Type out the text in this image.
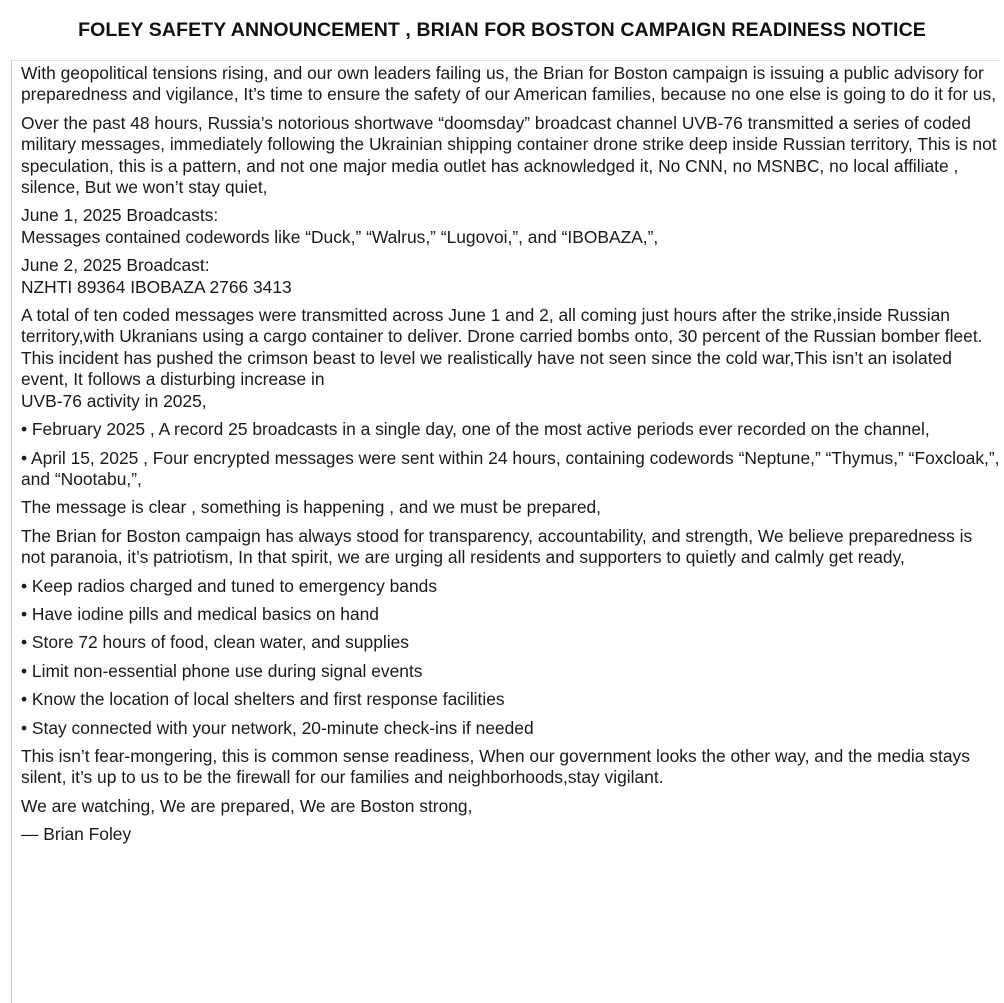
FOLEY SAFETY ANNOUNCEMENT , BRIAN FOR BOSTON CAMPAIGN READINESS NOTICE

With geopolitical tensions rising, and our own leaders failing us, the Brian for Boston campaign is issuing a public advisory for preparedness and vigilance, It’s time to ensure the safety of our American families, because no one else is going to do it for us,

Over the past 48 hours, Russia’s notorious shortwave “doomsday” broadcast channel UVB-76 transmitted a series of coded military messages, immediately following the Ukrainian shipping container drone strike deep inside Russian territory, This is not speculation, this is a pattern, and not one major media outlet has acknowledged it, No CNN, no MSNBC, no local affiliate , silence, But we won’t stay quiet,

June 1, 2025 Broadcasts:
Messages contained codewords like “Duck,” “Walrus,” “Lugovoi,”, and “IBOBAZA,”,

June 2, 2025 Broadcast:
NZHTI 89364 IBOBAZA 2766 3413

A total of ten coded messages were transmitted across June 1 and 2, all coming just hours after the strike,inside Russian territory,with Ukranians using a cargo container to deliver. Drone carried bombs onto, 30 percent of the Russian bomber fleet. This incident has pushed the crimson beast to level we realistically have not seen since the cold war,This isn’t an isolated event, It follows a disturbing increase in
UVB-76 activity in 2025,

• February 2025 , A record 25 broadcasts in a single day, one of the most active periods ever recorded on the channel,

• April 15, 2025 , Four encrypted messages were sent within 24 hours, containing codewords “Neptune,” “Thymus,” “Foxcloak,”, and “Nootabu,”,

The message is clear , something is happening , and we must be prepared,

The Brian for Boston campaign has always stood for transparency, accountability, and strength, We believe preparedness is not paranoia, it’s patriotism, In that spirit, we are urging all residents and supporters to quietly and calmly get ready,

• Keep radios charged and tuned to emergency bands

• Have iodine pills and medical basics on hand

• Store 72 hours of food, clean water, and supplies

• Limit non-essential phone use during signal events

• Know the location of local shelters and first response facilities

• Stay connected with your network, 20-minute check-ins if needed

This isn’t fear-mongering, this is common sense readiness, When our government looks the other way, and the media stays silent, it’s up to us to be the firewall for our families and neighborhoods,stay vigilant.

We are watching, We are prepared, We are Boston strong,

— Brian Foley
